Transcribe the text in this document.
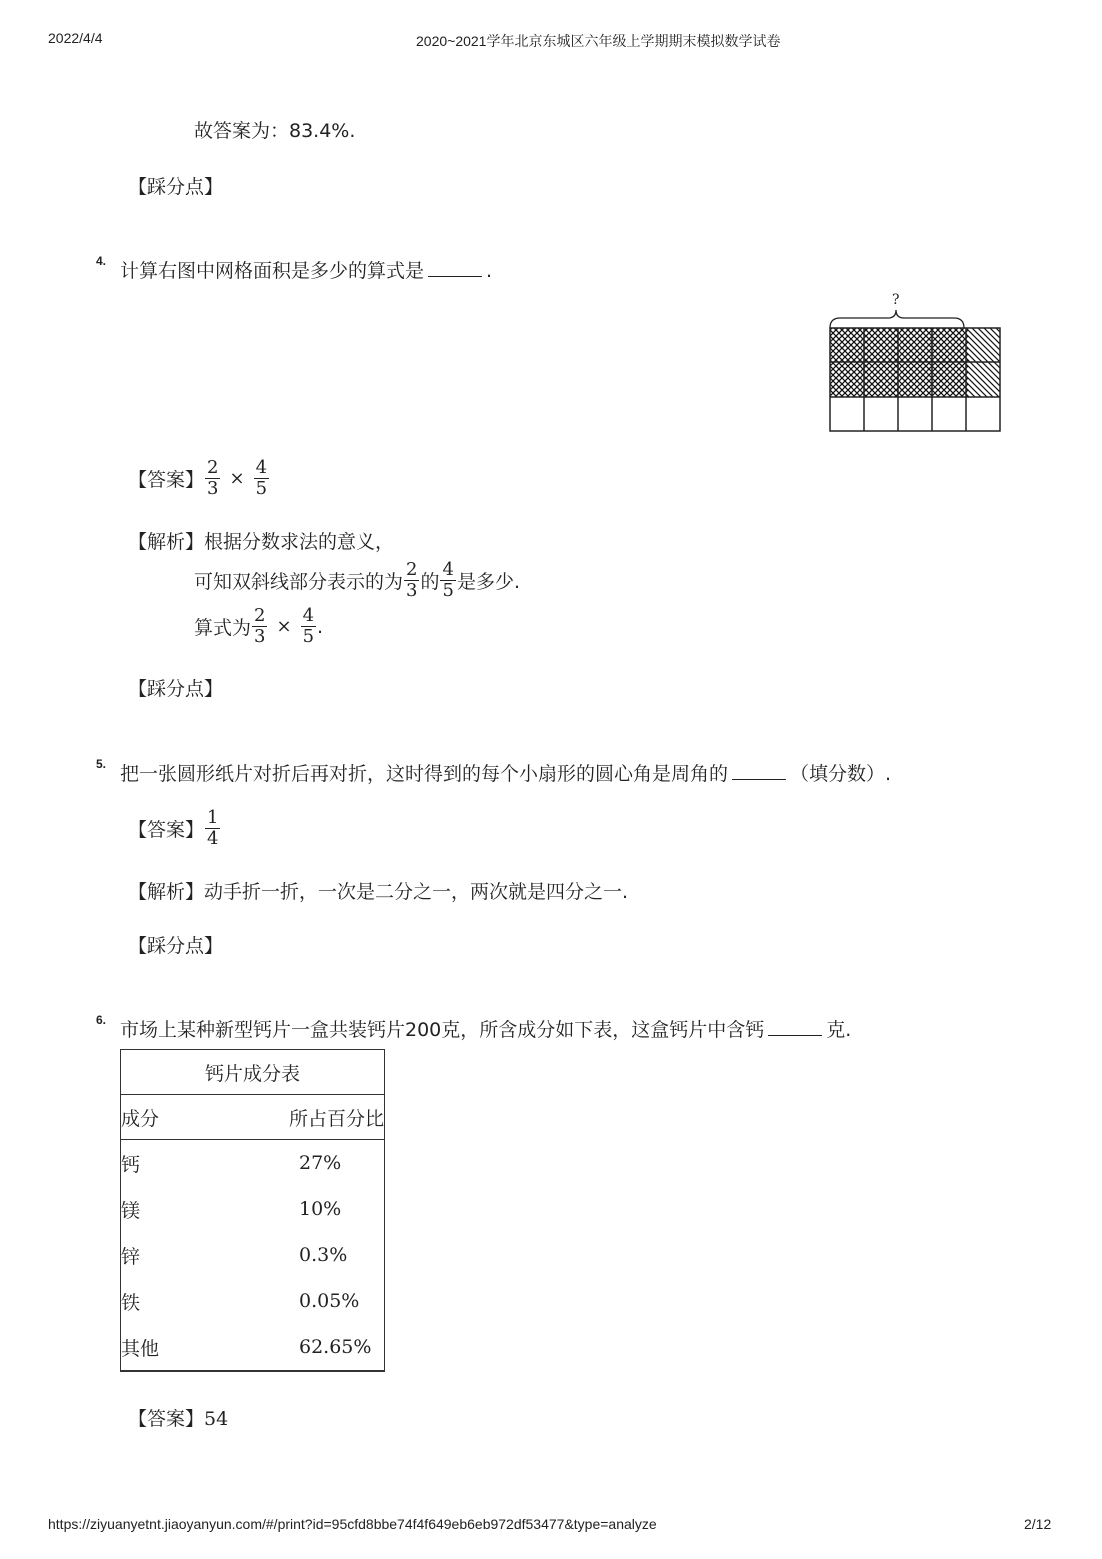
2022/4/4	2020~2021学年北京东城区六年级上学期期末模拟数学试卷
故答案为：83.4%.
【踩分点】
4. 计算右图中网格面积是多少的算式是	.
?
【答案】 $\frac{2}{3} \times \frac{4}{5}$
【解析】根据分数求法的意义，
可知双斜线部分表示的为 $\frac{2}{3}$ 的 $\frac{4}{5}$ 是多少.
算式为 $\frac{2}{3} \times \frac{4}{5}$ .
【踩分点】
5. 把一张圆形纸片对折后再对折，这时得到的每个小扇形的圆心角是周角的	（填分数）.
【答案】 $\frac{1}{4}$
【解析】动手折一折，一次是二分之一，两次就是四分之一.
【踩分点】
6. 市场上某种新型钙片一盒共装钙片200克，所含成分如下表，这盒钙片中含钙	克.
钙片成分表
成分	所占百分比
钙	27%
镁	10%
锌	0.3%
铁	0.05%
其他	62.65%
【答案】54
https://ziyuanyetnt.jiaoyanyun.com/#/print?id=95cfd8bbe74f4f649eb6eb972df53477&type=analyze	2/12
